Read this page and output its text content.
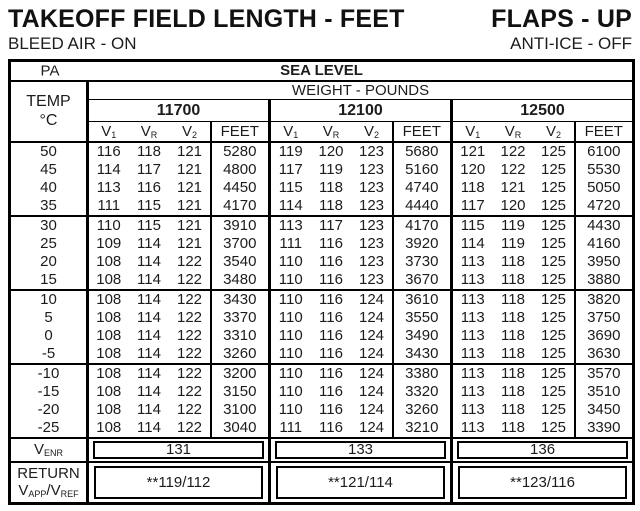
TAKEOFF FIELD LENGTH - FEET	FLAPS - UP
BLEED AIR - ON	ANTI-ICE - OFF
PA SEA LEVEL												

TEMP
°C	WEIGHT - POUNDS											
	11700				12100				12500			
	$V_1$	$V_R$	$V_2$	FEET	$V_1$	$V_R$	$V_2$	FEET	$V_1$	$V_R$	$V_2$	FEET
50	116	118	121	5280	119	120	123	5680	121	122	125	6100
45	114	117	121	4800	117	119	123	5160	120	122	125	5530
40	113	116	121	4450	115	118	123	4740	118	121	125	5050
35	111	115	121	4170	114	118	123	4440	117	120	125	4720
30	110	115	121	3910	113	117	123	4170	115	119	125	4430
25	109	114	121	3700	111	116	123	3920	114	119	125	4160
20	108	114	122	3540	110	116	123	3730	113	118	125	3950
15	108	114	122	3480	110	116	123	3670	113	118	125	3880
10	108	114	122	3430	110	116	124	3610	113	118	125	3820
5	108	114	122	3370	110	116	124	3550	113	118	125	3750
0	108	114	122	3310	110	116	124	3490	113	118	125	3690
-5	108	114	122	3260	110	116	124	3430	113	118	125	3630
-10	108	114	122	3200	110	116	124	3380	113	118	125	3570
-15	108	114	122	3150	110	116	124	3320	113	118	125	3510
-20	108	114	122	3100	110	116	124	3260	113	118	125	3450
-25	108	114	122	3040	111	116	124	3210	113	118	125	3390
$V_{ENR}$	131				133				136			

RETURN
$V_{APP}/V_{REF}$	**119/112				**121/114				**123/116			
